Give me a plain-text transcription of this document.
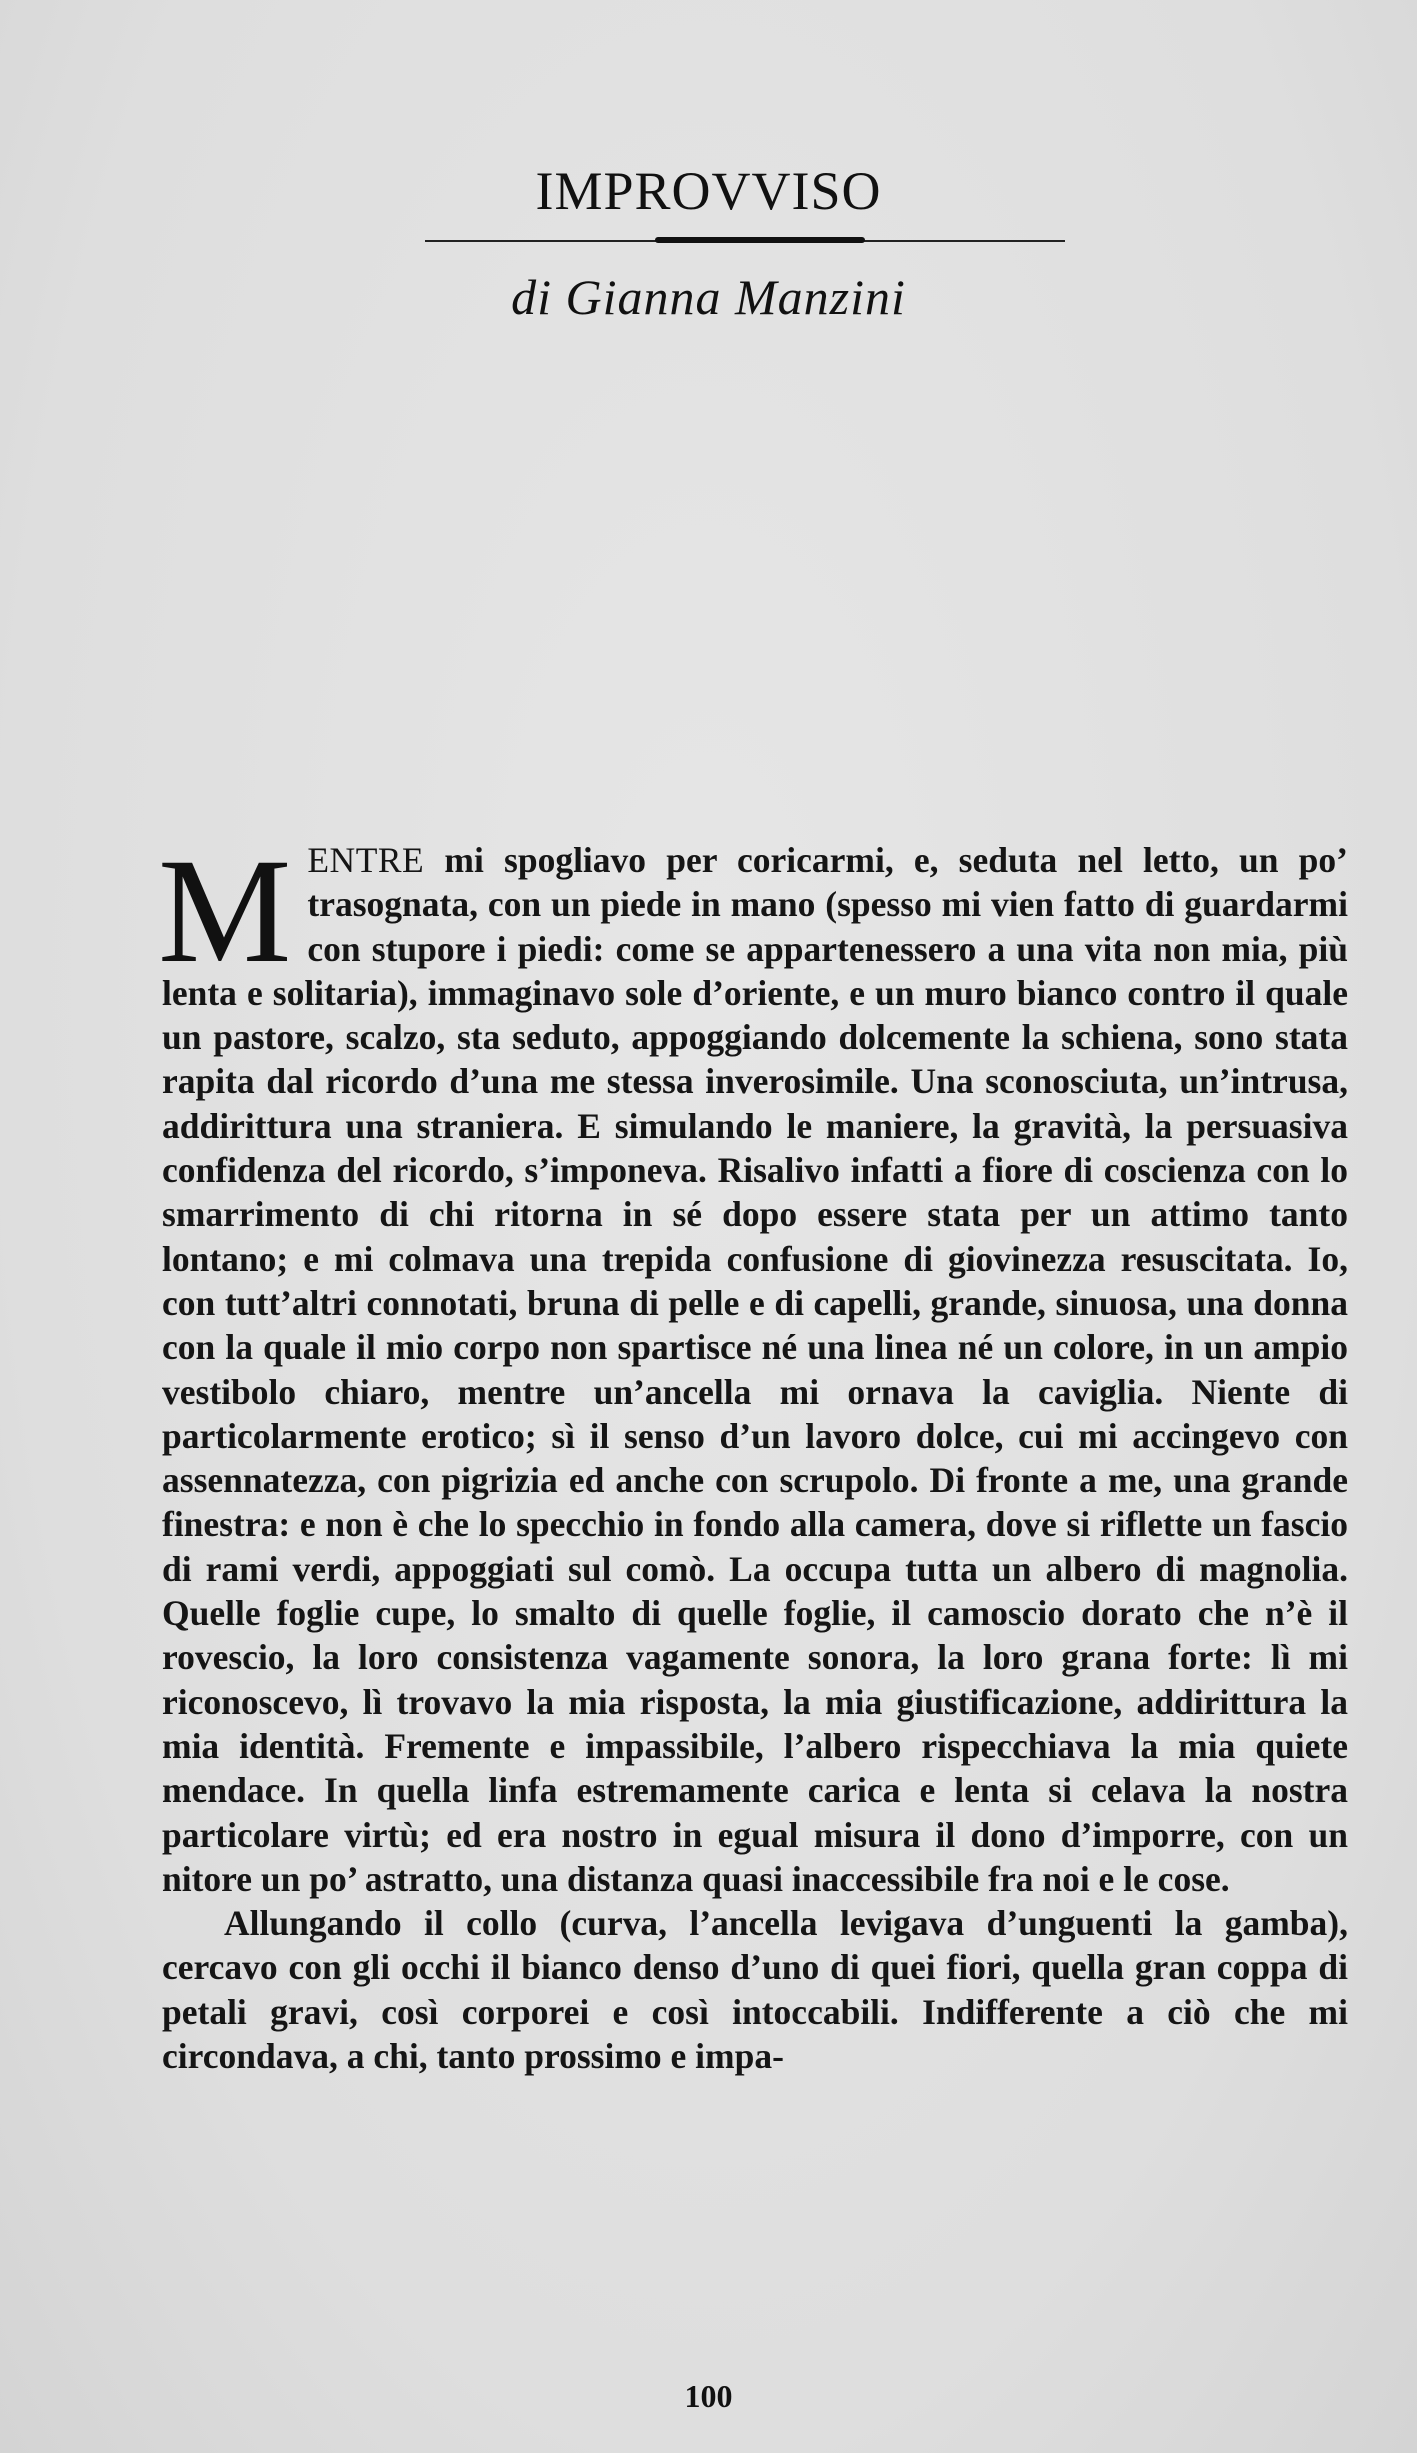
IMPROVVISO
di Gianna Manzini

MENTRE mi spogliavo per coricarmi, e, seduta nel letto, un po’ trasognata, con un piede in mano (spesso mi vien fatto di guardarmi con stupore i piedi: come se appartenessero a una vita non mia, più lenta e solitaria), immaginavo sole d’oriente, e un muro bianco contro il quale un pastore, scalzo, sta seduto, appoggiando dolcemente la schiena, sono stata rapita dal ricordo d’una me stessa inverosimile. Una sconosciuta, un’intrusa, addirittura una straniera. E simulando le maniere, la gravità, la persuasiva confidenza del ricordo, s’imponeva. Risalivo infatti a fiore di coscienza con lo smarrimento di chi ritorna in sé dopo essere stata per un attimo tanto lontano; e mi colmava una trepida confusione di giovinezza resuscitata. Io, con tutt’altri connotati, bruna di pelle e di capelli, grande, sinuosa, una donna con la quale il mio corpo non spartisce né una linea né un colore, in un ampio vestibolo chiaro, mentre un’ancella mi ornava la caviglia. Niente di particolarmente erotico; sì il senso d’un lavoro dolce, cui mi accingevo con assennatezza, con pigrizia ed anche con scrupolo. Di fronte a me, una grande finestra: e non è che lo specchio in fondo alla camera, dove si riflette un fascio di rami verdi, appoggiati sul comò. La occupa tutta un albero di magnolia. Quelle foglie cupe, lo smalto di quelle foglie, il camoscio dorato che n’è il rovescio, la loro consistenza vagamente sonora, la loro grana forte: lì mi riconoscevo, lì trovavo la mia risposta, la mia giustificazione, addirittura la mia identità. Fremente e impassibile, l’albero rispecchiava la mia quiete mendace. In quella linfa estremamente carica e lenta si celava la nostra particolare virtù; ed era nostro in egual misura il dono d’imporre, con un nitore un po’ astratto, una distanza quasi inaccessibile fra noi e le cose.

Allungando il collo (curva, l’ancella levigava d’unguenti la gamba), cercavo con gli occhi il bianco denso d’uno di quei fiori, quella gran coppa di petali gravi, così corporei e così intoccabili. Indifferente a ciò che mi circondava, a chi, tanto prossimo e impa-

100
